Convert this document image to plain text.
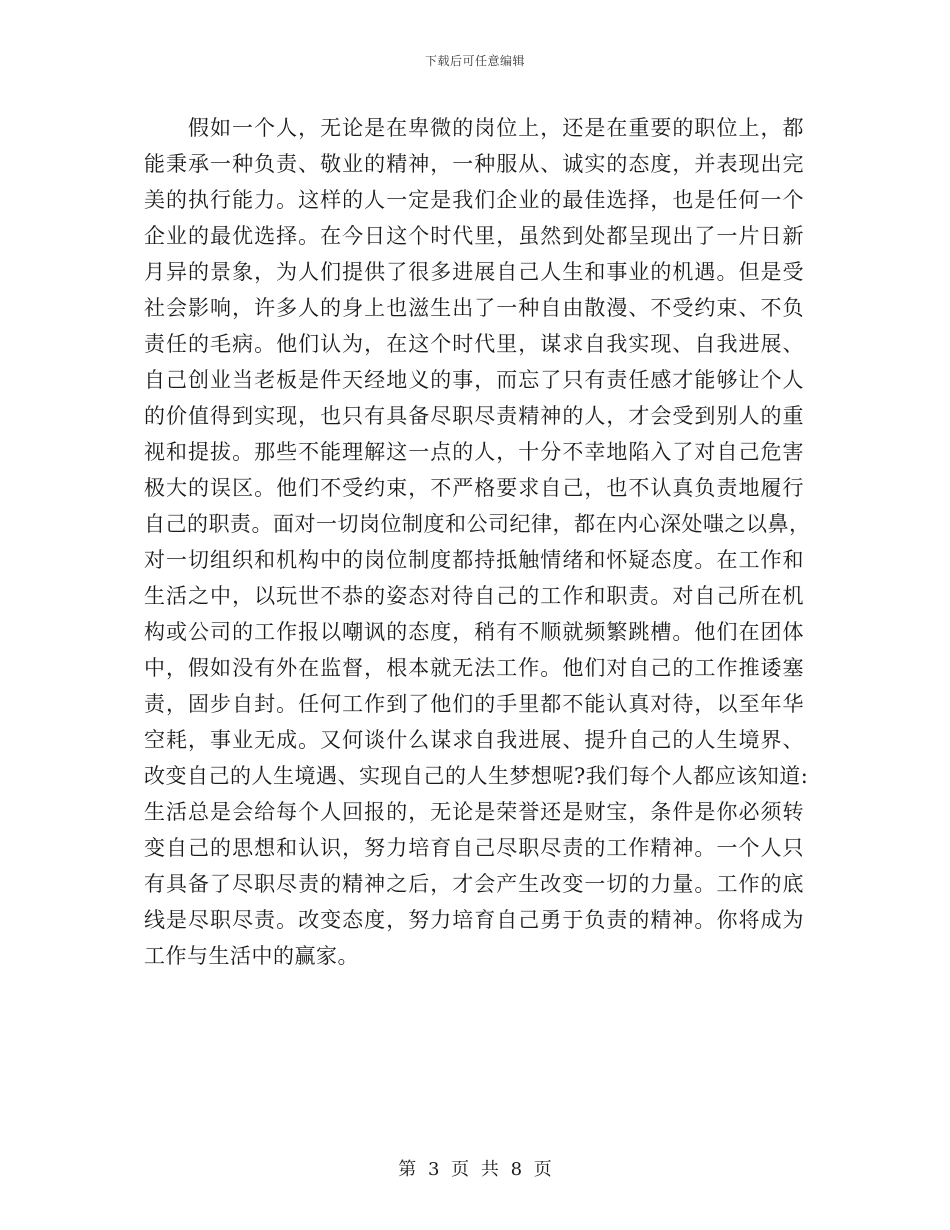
下载后可任意编辑
假如一个人，无论是在卑微的岗位上，还是在重要的职位上，都
能秉承一种负责、敬业的精神，一种服从、诚实的态度，并表现出完
美的执行能力。这样的人一定是我们企业的最佳选择，也是任何一个
企业的最优选择。在今日这个时代里，虽然到处都呈现出了一片日新
月异的景象，为人们提供了很多进展自己人生和事业的机遇。但是受
社会影响，许多人的身上也滋生出了一种自由散漫、不受约束、不负
责任的毛病。他们认为，在这个时代里，谋求自我实现、自我进展、
自己创业当老板是件天经地义的事，而忘了只有责任感才能够让个人
的价值得到实现，也只有具备尽职尽责精神的人，才会受到别人的重
视和提拔。那些不能理解这一点的人，十分不幸地陷入了对自己危害
极大的误区。他们不受约束，不严格要求自己，也不认真负责地履行
自己的职责。面对一切岗位制度和公司纪律，都在内心深处嗤之以鼻，
对一切组织和机构中的岗位制度都持抵触情绪和怀疑态度。在工作和
生活之中，以玩世不恭的姿态对待自己的工作和职责。对自己所在机
构或公司的工作报以嘲讽的态度，稍有不顺就频繁跳槽。他们在团体
中，假如没有外在监督，根本就无法工作。他们对自己的工作推诿塞
责，固步自封。任何工作到了他们的手里都不能认真对待，以至年华
空耗，事业无成。又何谈什么谋求自我进展、提升自己的人生境界、
改变自己的人生境遇、实现自己的人生梦想呢?我们每个人都应该知道:
生活总是会给每个人回报的，无论是荣誉还是财宝，条件是你必须转
变自己的思想和认识，努力培育自己尽职尽责的工作精神。一个人只
有具备了尽职尽责的精神之后，才会产生改变一切的力量。工作的底
线是尽职尽责。改变态度，努力培育自己勇于负责的精神。你将成为
工作与生活中的赢家。
第 3 页 共 8 页
